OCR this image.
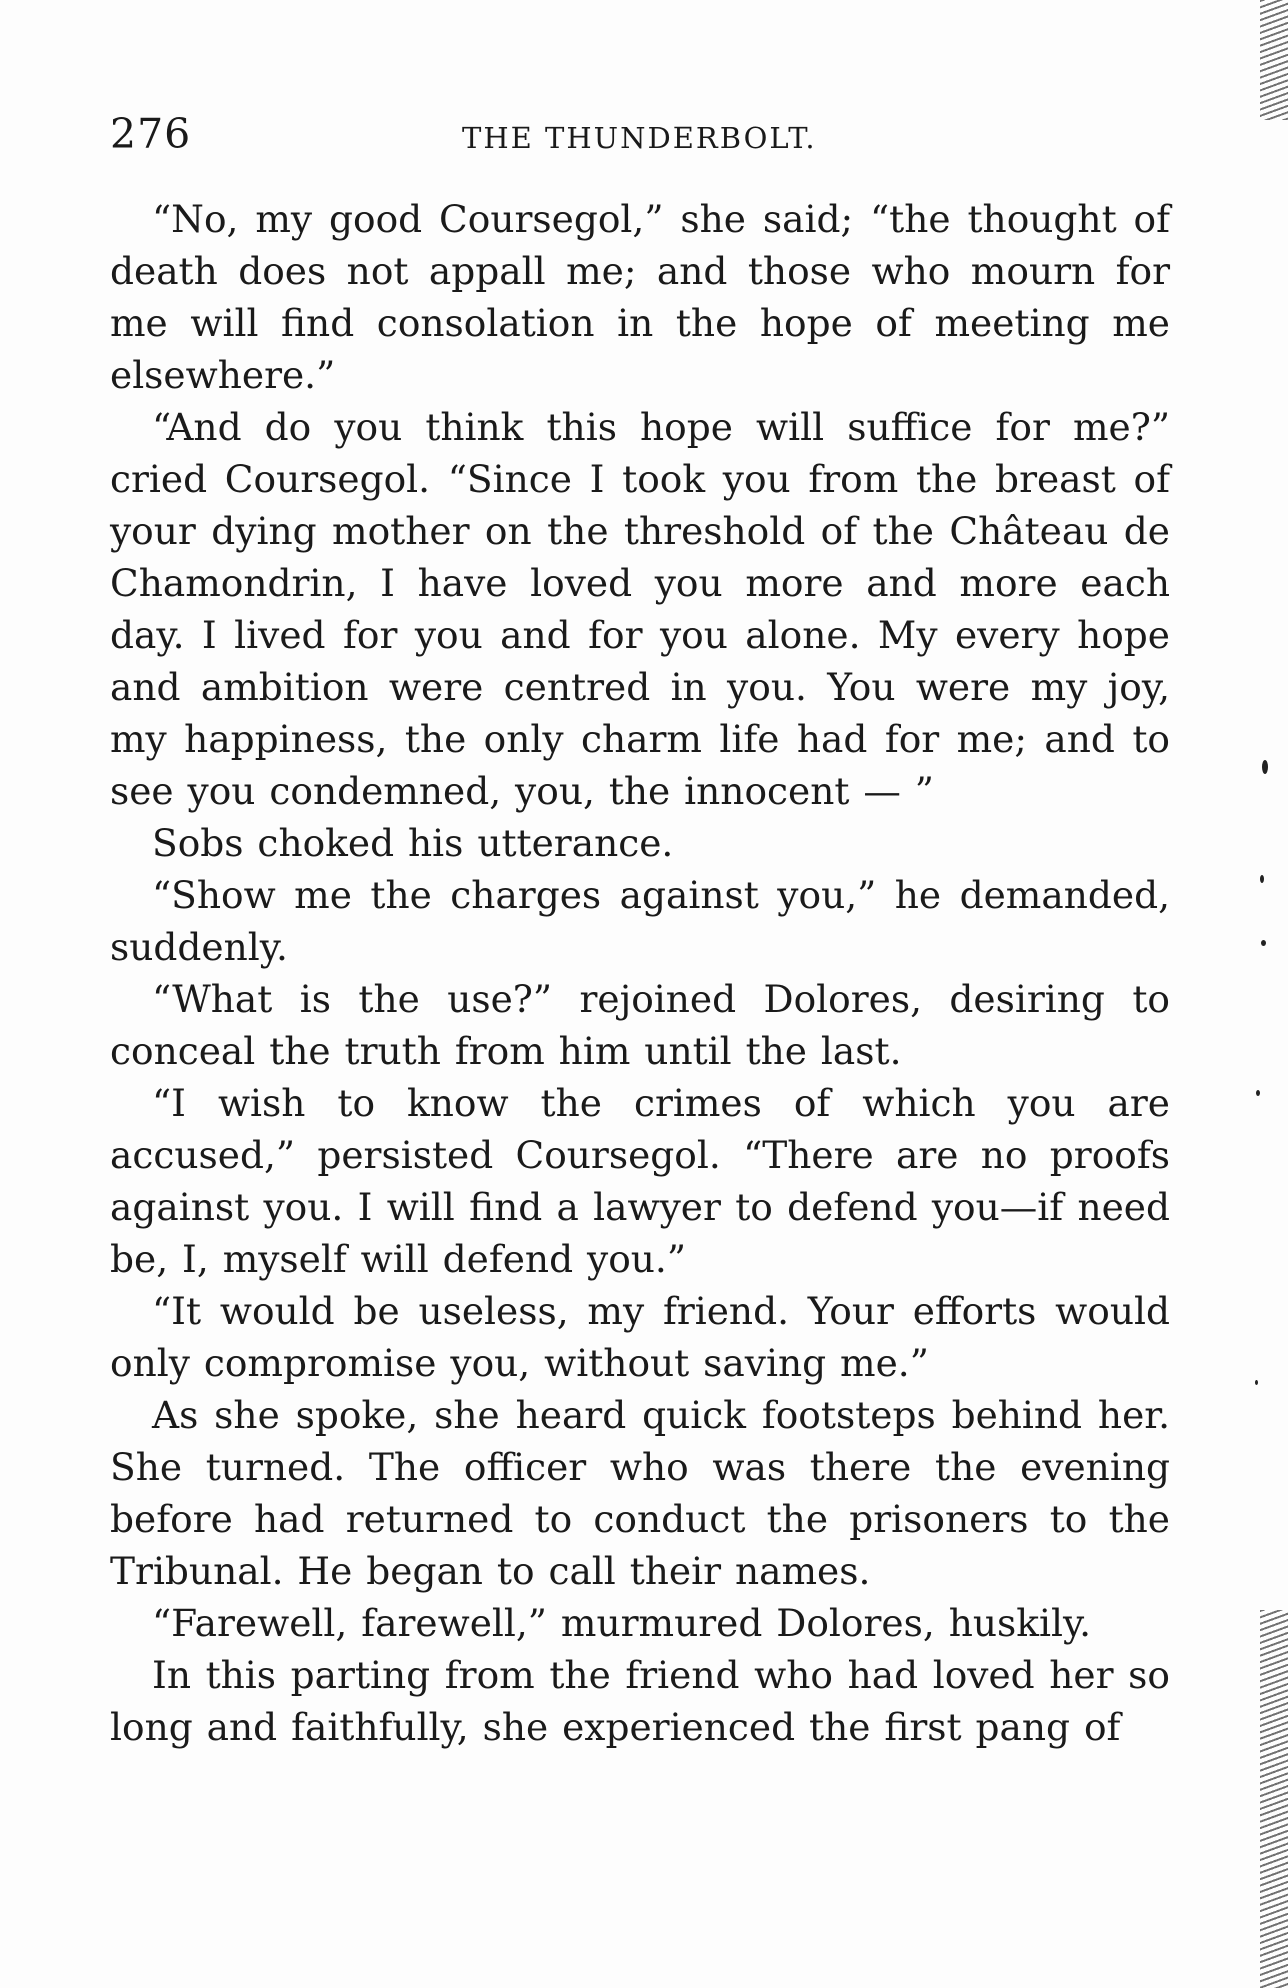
276	THE THUNDERBOLT.

“No, my good Coursegol,” she said; “the thought of death does not appall me; and those who mourn for me will find consolation in the hope of meeting me elsewhere.”

“And do you think this hope will suffice for me?” cried Coursegol. “Since I took you from the breast of your dying mother on the threshold of the Château de Chamondrin, I have loved you more and more each day. I lived for you and for you alone. My every hope and ambition were centred in you. You were my joy, my happiness, the only charm life had for me; and to see you condemned, you, the innocent — ”

Sobs choked his utterance.

“Show me the charges against you,” he demanded, suddenly.

“What is the use?” rejoined Dolores, desiring to conceal the truth from him until the last.

“I wish to know the crimes of which you are accused,” persisted Coursegol. “There are no proofs against you. I will find a lawyer to defend you—if need be, I, myself will defend you.”

“It would be useless, my friend. Your efforts would only compromise you, without saving me.”

As she spoke, she heard quick footsteps behind her. She turned. The officer who was there the evening before had returned to conduct the prisoners to the Tribunal. He began to call their names.

“Farewell, farewell,” murmured Dolores, huskily.

In this parting from the friend who had loved her so long and faithfully, she experienced the first pang of
